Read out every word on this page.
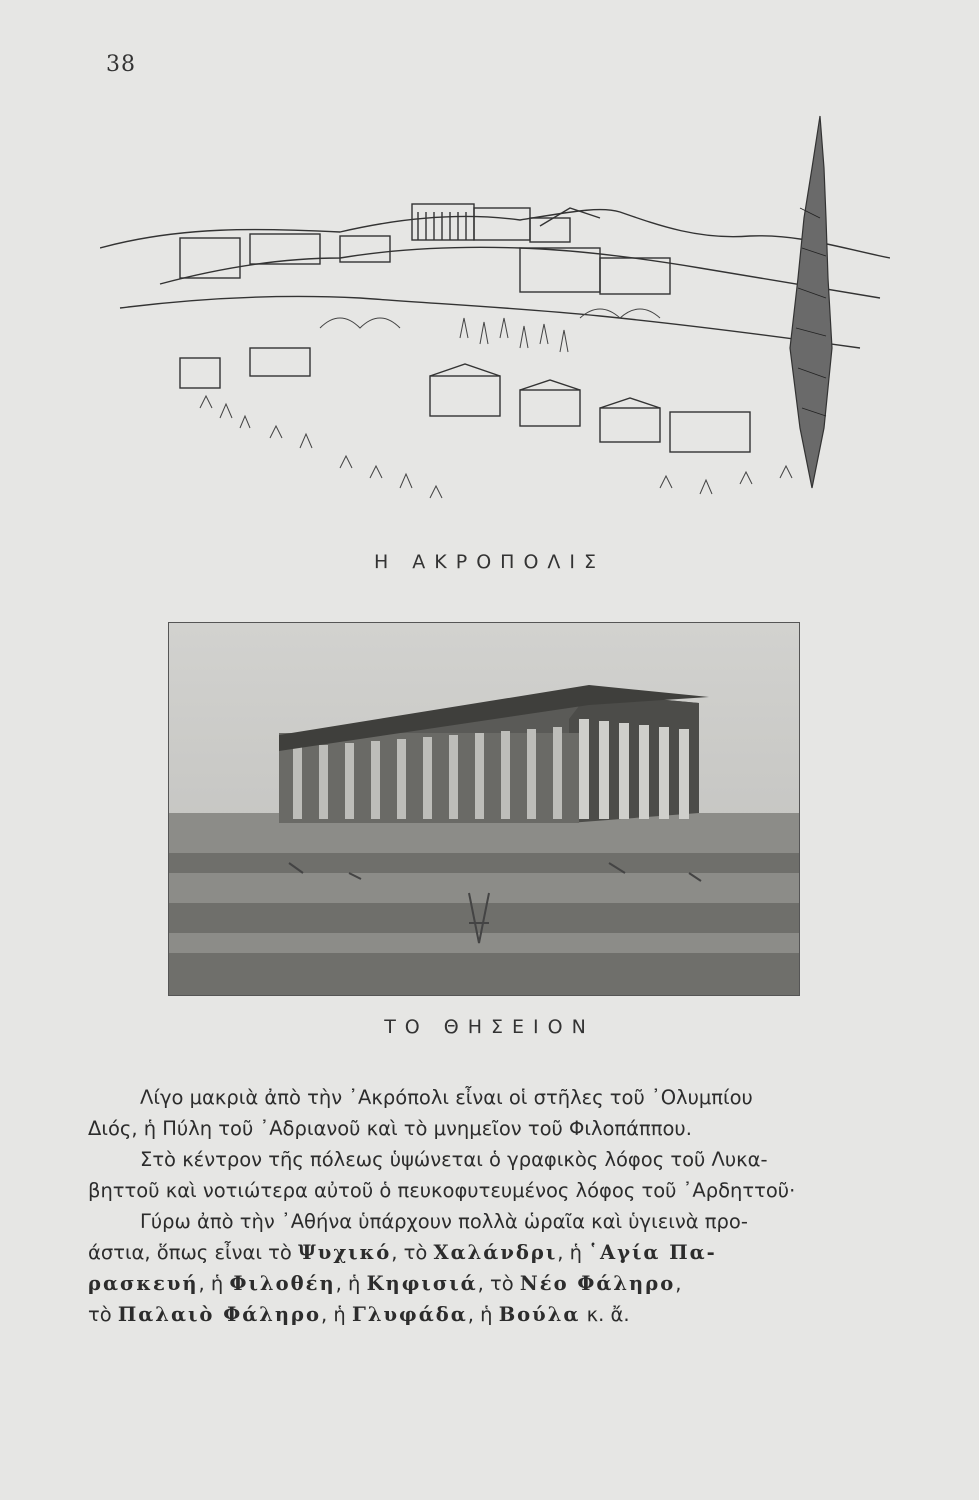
38
Η ΑΚΡΟΠΟΛΙΣ
ΤΟ ΘΗΣΕΙΟΝ
Λίγο μακριὰ ἀπὸ τὴν ᾿Ακρόπολι εἶναι οἱ στῆλες τοῦ ᾿Ολυμπίου
Διός, ἡ Πύλη τοῦ ᾿Αδριανοῦ καὶ τὸ μνημεῖον τοῦ Φιλοπάππου.
Στὸ κέντρον τῆς πόλεως ὑψώνεται ὁ γραφικὸς λόφος τοῦ Λυκα-
βηττοῦ καὶ νοτιώτερα αὐτοῦ ὁ πευκοφυτευμένος λόφος τοῦ ᾿Αρδηττοῦ·
Γύρω ἀπὸ τὴν ᾿Αθήνα ὑπάρχουν πολλὰ ὡραῖα καὶ ὑγιεινὰ προ-
άστια, ὅπως εἶναι τὸ Ψυχικό, τὸ Χαλάνδρι, ἡ ῾Αγία Πα-
ρασκευή, ἡ Φιλοθέη, ἡ Κηφισιά, τὸ Νέο Φάληρο,
τὸ Παλαιὸ Φάληρο, ἡ Γλυφάδα, ἡ Βούλα κ. ἄ.
